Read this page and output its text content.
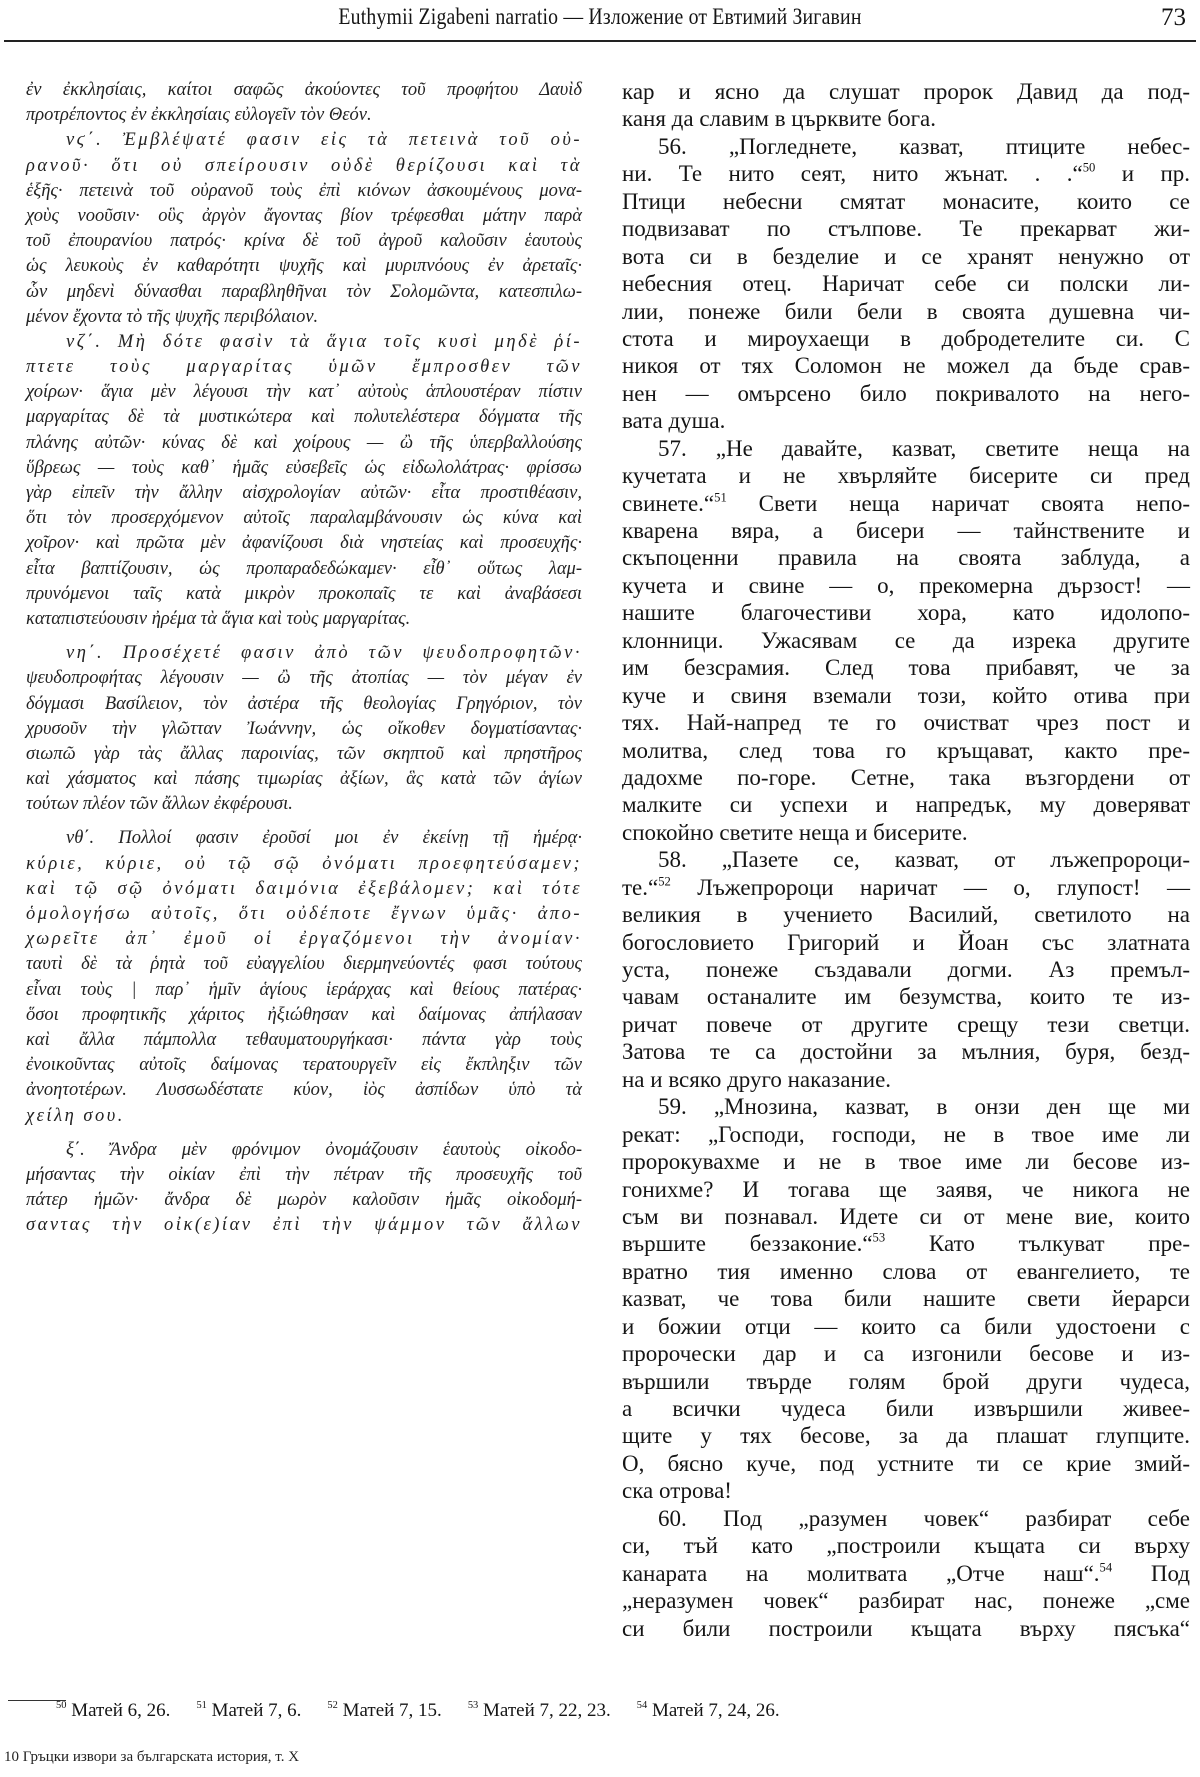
Euthymii Zigabeni narratio — Изложение от Евтимий Зигавин	73
ἐν ἐκκλησίαις, καίτοι σαφῶς ἀκούοντες τοῦ προφήτου Δαυὶδ
προτρέποντος ἐν ἐκκλησίαις εὐλογεῖν τὸν Θεόν.
νϛ΄. Ἐμβλέψατέ φασιν εἰς τὰ πετεινὰ τοῦ οὐ-
ρανοῦ· ὅτι οὐ σπείρουσιν οὐδὲ θερίζουσι καὶ τὰ
ἑξῆς· πετεινὰ τοῦ οὐρανοῦ τοὺς ἐπὶ κιόνων ἀσκουμένους μονα-
χοὺς νοοῦσιν· οὓς ἀργὸν ἄγοντας βίον τρέφεσθαι μάτην παρὰ
τοῦ ἐπουρανίου πατρός· κρίνα δὲ τοῦ ἀγροῦ καλοῦσιν ἑαυτοὺς
ὡς λευκοὺς ἐν καθαρότητι ψυχῆς καὶ μυριπνόους ἐν ἀρεταῖς·
ὧν μηδενὶ δύνασθαι παραβληθῆναι τὸν Σολομῶντα, κατεσπιλω-
μένον ἔχοντα τὸ τῆς ψυχῆς περιβόλαιον.
νζ΄. Μὴ δότε φασὶν τὰ ἅγια τοῖς κυσὶ μηδὲ ῥί-
πτετε τοὺς μαργαρίτας ὑμῶν ἔμπροσθεν τῶν
χοίρων· ἅγια μὲν λέγουσι τὴν κατ᾿ αὐτοὺς ἁπλουστέραν πίστιν
μαργαρίτας δὲ τὰ μυστικώτερα καὶ πολυτελέστερα δόγματα τῆς
πλάνης αὐτῶν· κύνας δὲ καὶ χοίρους — ὢ τῆς ὑπερβαλλούσης
ὕβρεως — τοὺς καθ᾿ ἡμᾶς εὐσεβεῖς ὡς εἰδωλολάτρας· φρίσσω
γὰρ εἰπεῖν τὴν ἄλλην αἰσχρολογίαν αὐτῶν· εἶτα προστιθέασιν,
ὅτι τὸν προσερχόμενον αὐτοῖς παραλαμβάνουσιν ὡς κύνα καὶ
χοῖρον· καὶ πρῶτα μὲν ἀφανίζουσι διὰ νηστείας καὶ προσευχῆς·
εἶτα βαπτίζουσιν, ὡς προπαραδεδώκαμεν· εἶθ᾿ οὕτως λαμ-
πρυνόμενοι ταῖς κατὰ μικρὸν προκοπαῖς τε καὶ ἀναβάσεσι
καταπιστεύουσιν ἠρέμα τὰ ἅγια καὶ τοὺς μαργαρίτας.
νη΄. Προσέχετέ φασιν ἀπὸ τῶν ψευδοπροφητῶν·
ψευδοπροφήτας λέγουσιν — ὢ τῆς ἀτοπίας — τὸν μέγαν ἐν
δόγμασι Βασίλειον, τὸν ἀστέρα τῆς θεολογίας Γρηγόριον, τὸν
χρυσοῦν τὴν γλῶτταν Ἰωάννην, ὡς οἴκοθεν δογματίσαντας·
σιωπῶ γὰρ τὰς ἄλλας παροινίας, τῶν σκηπτοῦ καὶ πρηστῆρος
καὶ χάσματος καὶ πάσης τιμωρίας ἀξίων, ἃς κατὰ τῶν ἁγίων
τούτων πλέον τῶν ἄλλων ἐκφέρουσι.
νθ΄. Πολλοί φασιν ἐροῦσί μοι ἐν ἐκείνῃ τῇ ἡμέρᾳ·
κύριε, κύριε, οὐ τῷ σῷ ὀνόματι προεφητεύσαμεν;
καὶ τῷ σῷ ὀνόματι δαιμόνια ἐξεβάλομεν; καὶ τότε
ὁμολογήσω αὐτοῖς, ὅτι οὐδέποτε ἔγνων ὑμᾶς· ἀπο-
χωρεῖτε ἀπ᾿ ἐμοῦ οἱ ἐργαζόμενοι τὴν ἀνομίαν·
ταυτὶ δὲ τὰ ῥητὰ τοῦ εὐαγγελίου διερμηνεύοντές φασι τούτους
εἶναι τοὺς | παρ᾿ ἡμῖν ἁγίους ἱεράρχας καὶ θείους πατέρας·
ὅσοι προφητικῆς χάριτος ἠξιώθησαν καὶ δαίμονας ἀπήλασαν
καὶ ἄλλα πάμπολλα τεθαυματουργήκασι· πάντα γὰρ τοὺς
ἐνοικοῦντας αὐτοῖς δαίμονας τερατουργεῖν εἰς ἔκπληξιν τῶν
ἀνοητοτέρων. Λυσσωδέστατε κύον, ἰὸς ἀσπίδων ὑπὸ τὰ
χείλη σου.
ξ΄. Ἄνδρα μὲν φρόνιμον ὀνομάζουσιν ἑαυτοὺς οἰκοδο-
μήσαντας τὴν οἰκίαν ἐπὶ τὴν πέτραν τῆς προσευχῆς τοῦ
πάτερ ἡμῶν· ἄνδρα δὲ μωρὸν καλοῦσιν ἡμᾶς οἰκοδομή-
σαντας τὴν οἰκ(ε)ίαν ἐπὶ τὴν ψάμμον τῶν ἄλλων
кар и ясно да слушат пророк Давид да под-
каня да славим в църквите бога.
56. „Погледнете, казват, птиците небес-
ни. Те нито сеят, нито жънат. . .“$^{50}$ и пр.
Птици небесни смятат монасите, които се
подвизават по стълпове. Те прекарват жи-
вота си в безделие и се хранят ненужно от
небесния отец. Наричат себе си полски ли-
лии, понеже били бели в своята душевна чи-
стота и мироухаещи в добродетелите си. С
никоя от тях Соломон не можел да бъде срав-
нен — омърсено било покривалото на него-
вата душа.
57. „Не давайте, казват, светите неща на
кучетата и не хвърляйте бисерите си пред
свинете.“$^{51}$ Свети неща наричат своята непо-
кварена вяра, а бисери — тайнствените и
скъпоценни правила на своята заблуда, а
кучета и свине — о, прекомерна дързост! —
нашите благочестиви хора, като идолопо-
клонници. Ужасявам се да изрека другите
им безсрамия. След това прибавят, че за
куче и свиня вземали този, който отива при
тях. Най-напред те го очистват чрез пост и
молитва, след това го кръщават, както пре-
дадохме по-горе. Сетне, така възгордени от
малките си успехи и напредък, му доверяват
спокойно светите неща и бисерите.
58. „Пазете се, казват, от лъжепророци-
те.“$^{52}$ Лъжепророци наричат — о, глупост! —
великия в учението Василий, светилото на
богословието Григорий и Йоан със златната
уста, понеже създавали догми. Аз премъл-
чавам останалите им безумства, които те из-
ричат повече от другите срещу тези светци.
Затова те са достойни за мълния, буря, безд-
на и всяко друго наказание.
59. „Мнозина, казват, в онзи ден ще ми
рекат: „Господи, господи, не в твое име ли
пророкувахме и не в твое име ли бесове из-
гонихме? И тогава ще заявя, че никога не
съм ви познавал. Идете си от мене вие, които
вършите беззаконие.“$^{53}$ Като тълкуват пре-
вратно тия именно слова от евангелието, те
казват, че това били нашите свети йерарси
и божии отци — които са били удостоени с
пророчески дар и са изгонили бесове и из-
вършили твърде голям брой други чудеса,
а всички чудеса били извършили живее-
щите у тях бесове, за да плашат глупците.
О, бясно куче, под устните ти се крие змий-
ска отрова!
60. Под „разумен човек“ разбират себе
си, тъй като „построили къщата си върху
канарата на молитвата „Отче наш“.$^{54}$ Под
„неразумен човек“ разбират нас, понеже „сме
си били построили къщата върху пясъка“
$^{50}$ Матей 6, 26. $^{51}$ Матей 7, 6. $^{52}$ Матей 7, 15. $^{53}$ Матей 7, 22, 23. $^{54}$ Матей 7, 24, 26.
10 Гръцки извори за българската история, т. X
